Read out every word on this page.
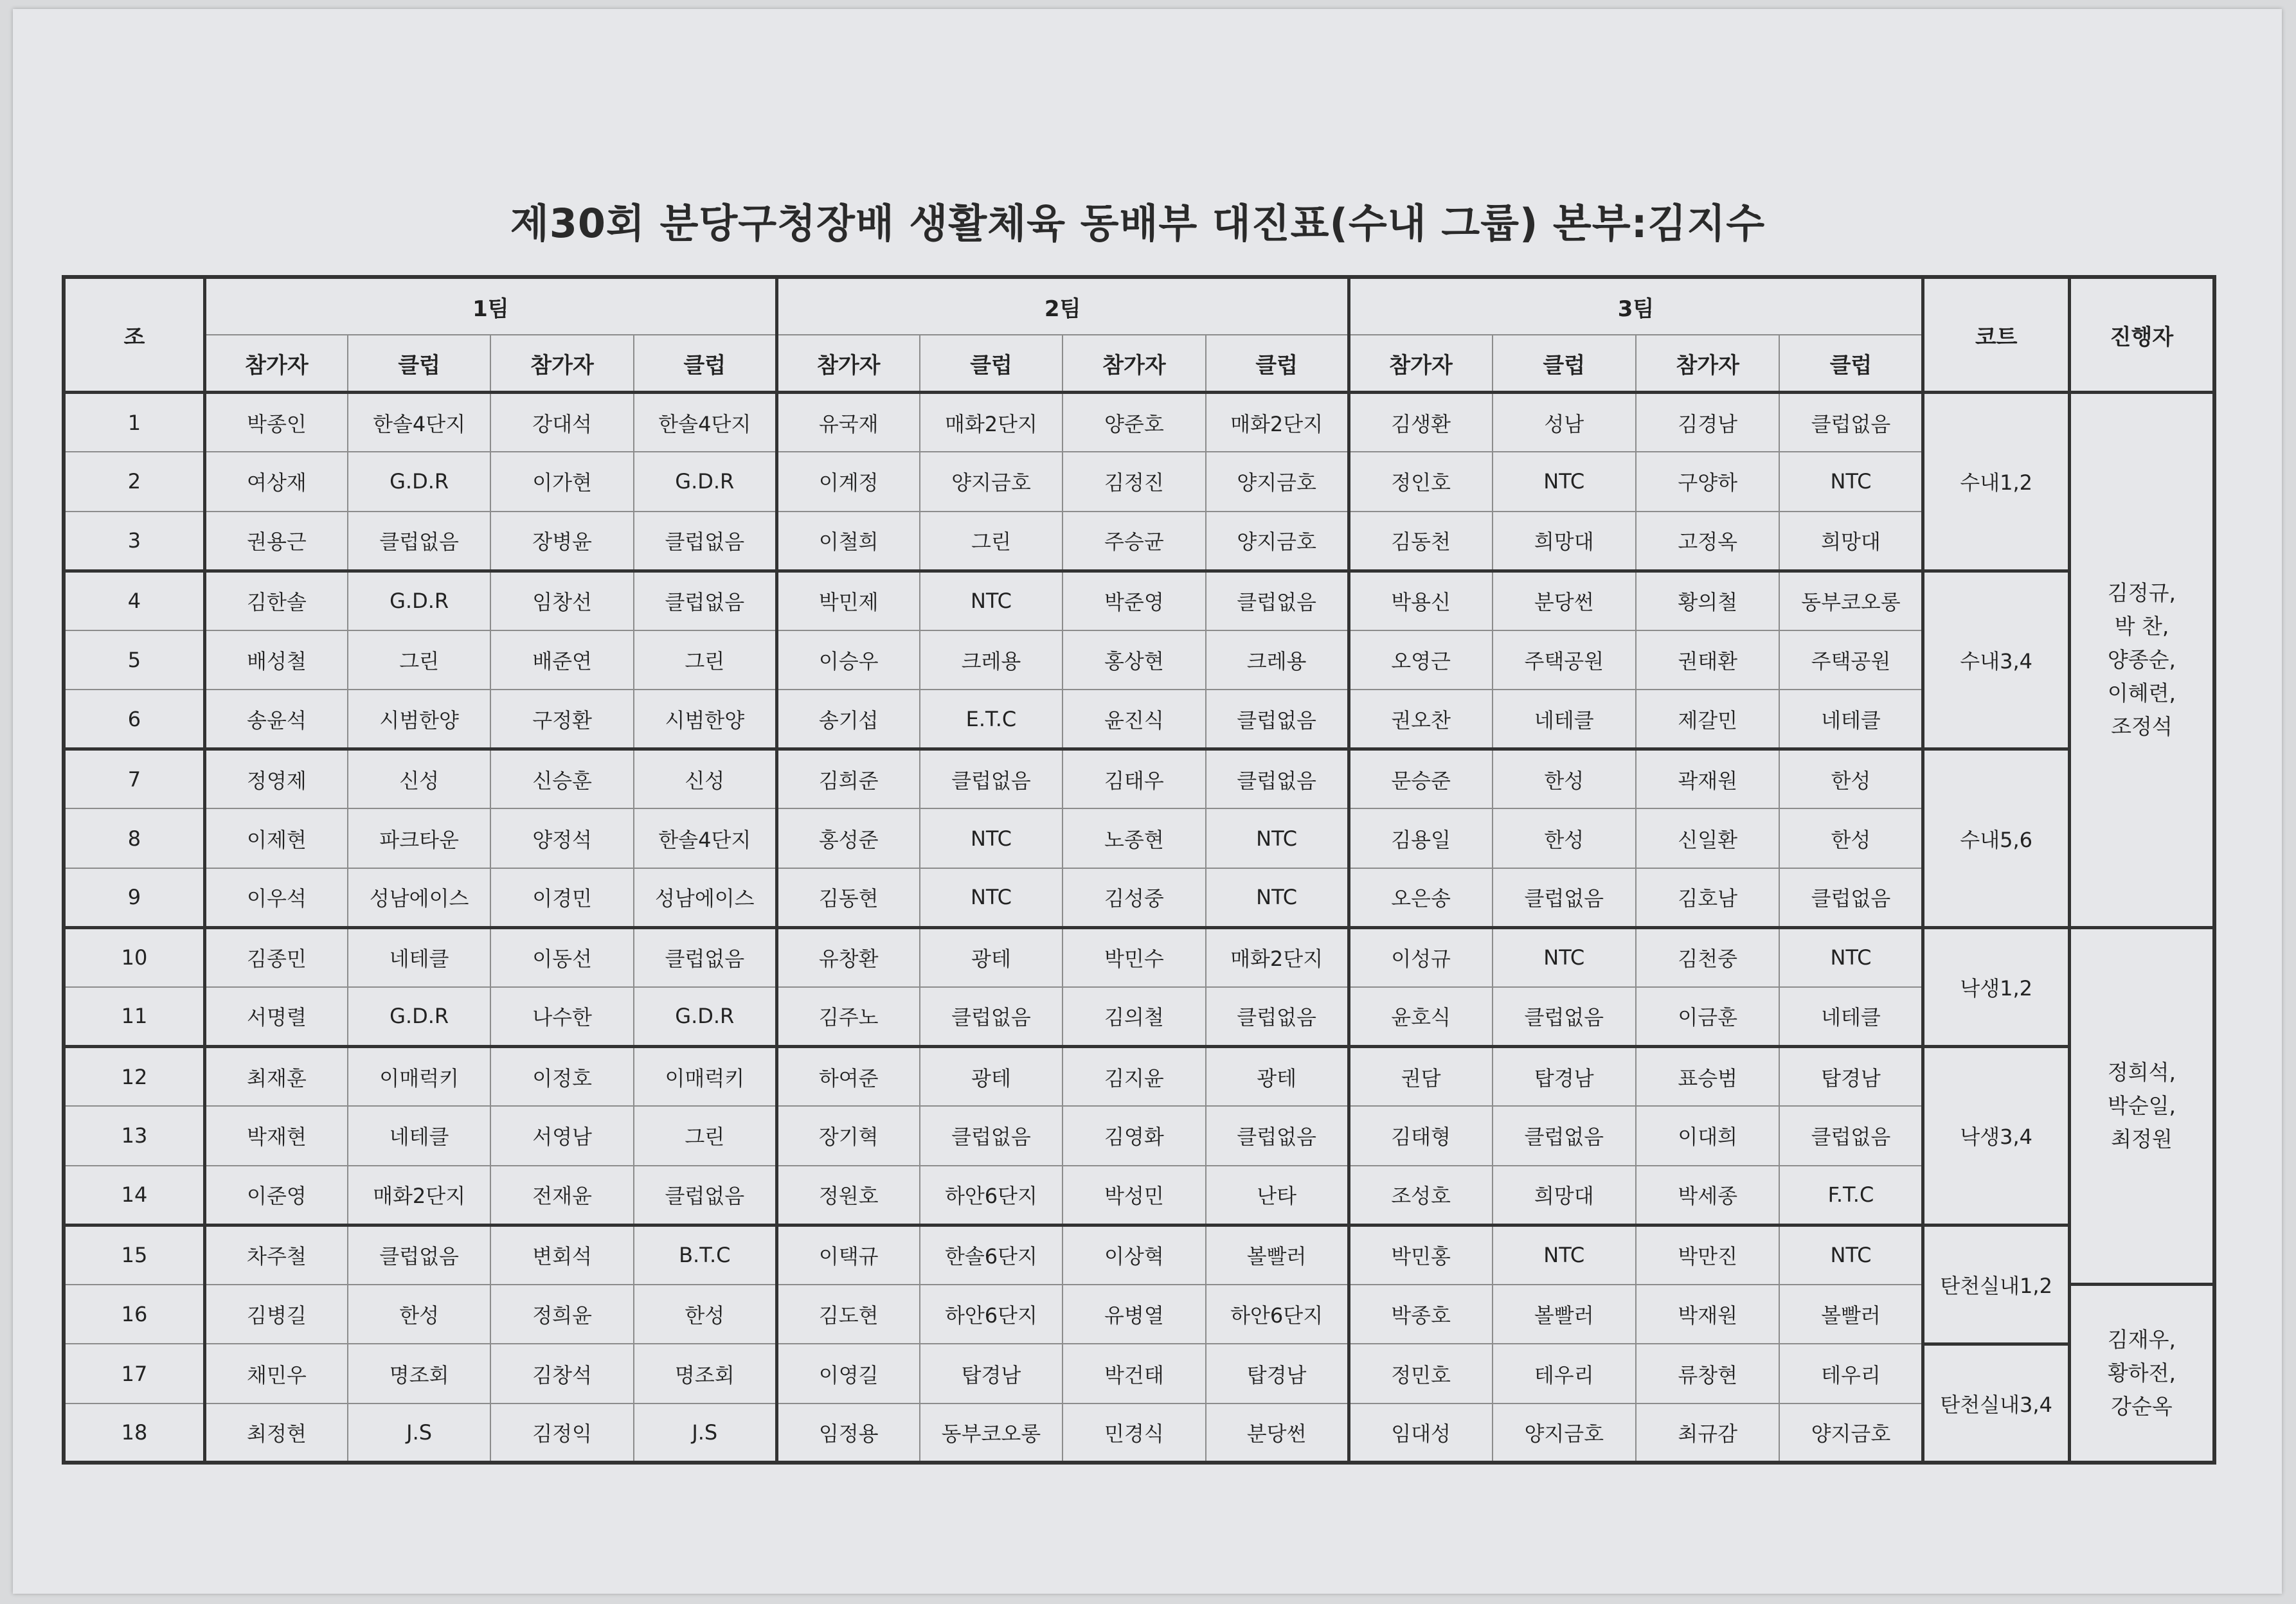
제30회 분당구청장배 생활체육 동배부 대진표(수내 그룹) 본부:김지수
조	1팀				2팀				3팀				코트	진행자
	참가자	클럽	참가자	클럽	참가자	클럽	참가자	클럽	참가자	클럽	참가자	클럽		
1	박종인	한솔4단지	강대석	한솔4단지	유국재	매화2단지	양준호	매화2단지	김생환	성남	김경남	클럽없음	수내1,2	김정규,
박 찬,
양종순,
이혜련,
조정석
2	여상재	G.D.R	이가현	G.D.R	이계정	양지금호	김정진	양지금호	정인호	NTC	구양하	NTC		
3	권용근	클럽없음	장병윤	클럽없음	이철희	그린	주승균	양지금호	김동천	희망대	고정옥	희망대		
4	김한솔	G.D.R	임창선	클럽없음	박민제	NTC	박준영	클럽없음	박용신	분당썬	황의철	동부코오롱	수내3,4	
5	배성철	그린	배준연	그린	이승우	크레용	홍상현	크레용	오영근	주택공원	권태환	주택공원		
6	송윤석	시범한양	구정환	시범한양	송기섭	E.T.C	윤진식	클럽없음	권오찬	네테클	제갈민	네테클		
7	정영제	신성	신승훈	신성	김희준	클럽없음	김태우	클럽없음	문승준	한성	곽재원	한성	수내5,6	
8	이제현	파크타운	양정석	한솔4단지	홍성준	NTC	노종현	NTC	김용일	한성	신일환	한성		
9	이우석	성남에이스	이경민	성남에이스	김동현	NTC	김성중	NTC	오은송	클럽없음	김호남	클럽없음		
10	김종민	네테클	이동선	클럽없음	유창환	광테	박민수	매화2단지	이성규	NTC	김천중	NTC	낙생1,2	정희석,
박순일,
최정원
11	서명렬	G.D.R	나수한	G.D.R	김주노	클럽없음	김의철	클럽없음	윤호식	클럽없음	이금훈	네테클		
12	최재훈	이매럭키	이정호	이매럭키	하여준	광테	김지윤	광테	권담	탑경남	표승범	탑경남	낙생3,4	
13	박재현	네테클	서영남	그린	장기혁	클럽없음	김영화	클럽없음	김태형	클럽없음	이대희	클럽없음		
14	이준영	매화2단지	전재윤	클럽없음	정원호	하안6단지	박성민	난타	조성호	희망대	박세종	F.T.C		
15	차주철	클럽없음	변회석	B.T.C	이택규	한솔6단지	이상혁	볼빨러	박민홍	NTC	박만진	NTC	탄천실내1,2	
16	김병길	한성	정희윤	한성	김도현	하안6단지	유병열	하안6단지	박종호	볼빨러	박재원	볼빨러		김재우,
황하전,
강순옥
17	채민우	명조회	김창석	명조회	이영길	탑경남	박건태	탑경남	정민호	테우리	류창현	테우리	탄천실내3,4	
18	최정현	J.S	김정익	J.S	임정용	동부코오롱	민경식	분당썬	임대성	양지금호	최규감	양지금호		
